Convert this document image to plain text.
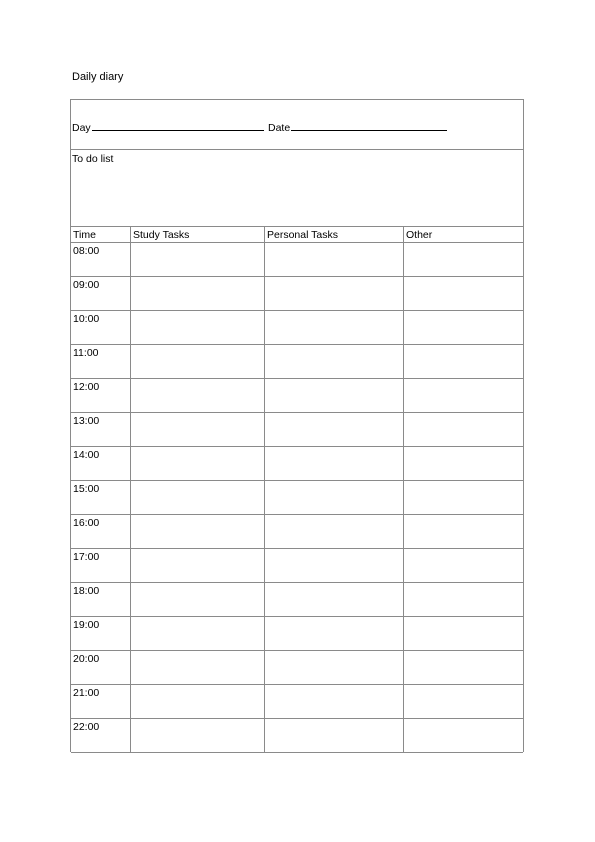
Daily diary
Day	Date
To do list
Time	Study Tasks	Personal Tasks	Other
08:00
09:00
10:00
11:00
12:00
13:00
14:00
15:00
16:00
17:00
18:00
19:00
20:00
21:00
22:00
